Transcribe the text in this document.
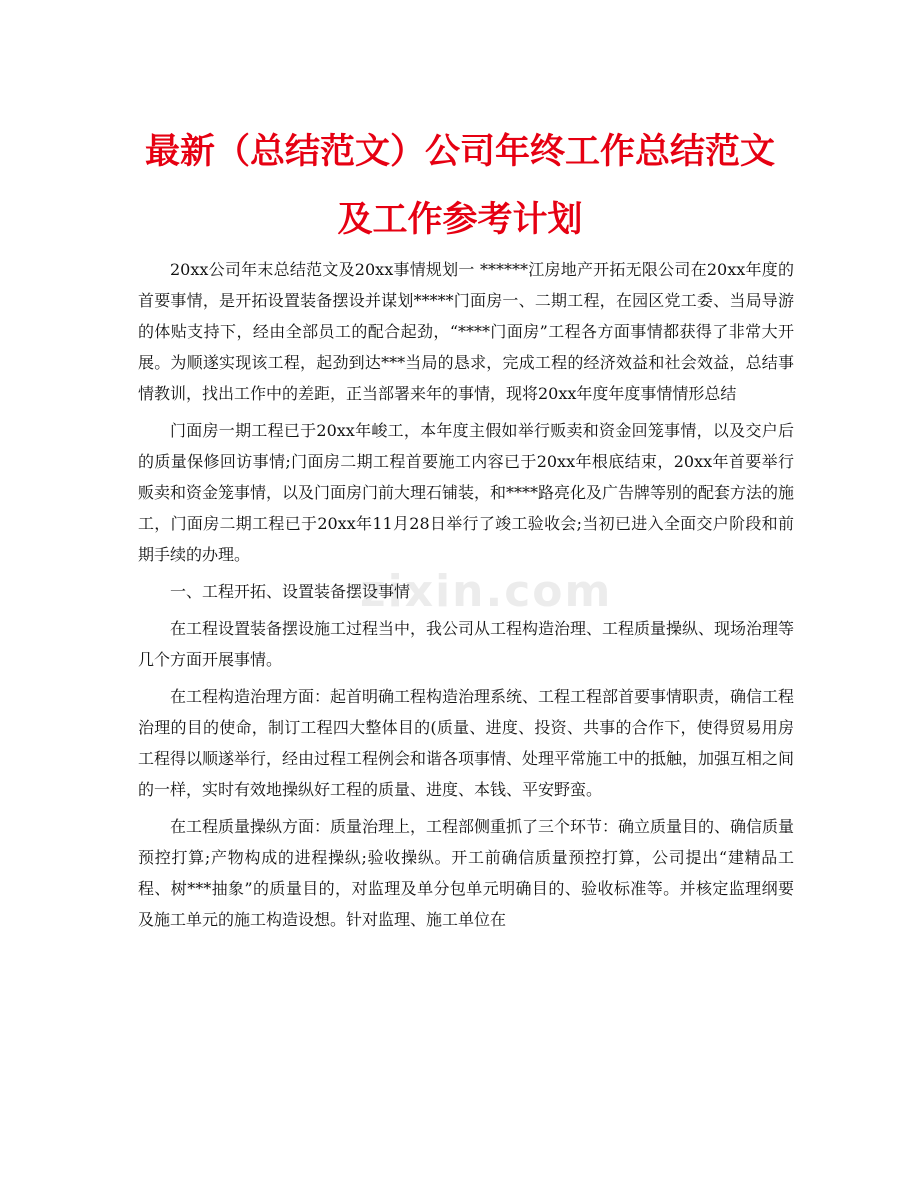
最新（总结范文）公司年终工作总结范文
及工作参考计划
zixin.com

20xx公司年末总结范文及20xx事情规划一 ******江房地产开拓无限公司在20xx年度的首要事情，是开拓设置装备摆设并谋划*****门面房一、二期工程，在园区党工委、当局导游的体贴支持下，经由全部员工的配合起劲，“****门面房”工程各方面事情都获得了非常大开展。为顺遂实现该工程，起劲到达***当局的恳求，完成工程的经济效益和社会效益，总结事情教训，找出工作中的差距，正当部署来年的事情，现将20xx年度年度事情情形总结

门面房一期工程已于20xx年峻工，本年度主假如举行贩卖和资金回笼事情，以及交户后的质量保修回访事情;门面房二期工程首要施工内容已于20xx年根底结束，20xx年首要举行贩卖和资金笼事情，以及门面房门前大理石铺装，和****路亮化及广告牌等别的配套方法的施工，门面房二期工程已于20xx年11月28日举行了竣工验收会;当初已进入全面交户阶段和前期手续的办理。

一、工程开拓、设置装备摆设事情

在工程设置装备摆设施工过程当中，我公司从工程构造治理、工程质量操纵、现场治理等几个方面开展事情。

在工程构造治理方面：起首明确工程构造治理系统、工程工程部首要事情职责，确信工程治理的目的使命，制订工程四大整体目的(质量、进度、投资、共事的合作下，使得贸易用房工程得以顺遂举行，经由过程工程例会和谐各项事情、处理平常施工中的抵触，加强互相之间的一样，实时有效地操纵好工程的质量、进度、本钱、平安野蛮。

在工程质量操纵方面：质量治理上，工程部侧重抓了三个环节：确立质量目的、确信质量预控打算;产物构成的进程操纵;验收操纵。开工前确信质量预控打算，公司提出“建精品工程、树***抽象”的质量目的，对监理及单分包单元明确目的、验收标准等。并核定监理纲要及施工单元的施工构造设想。针对监理、施工单位在
